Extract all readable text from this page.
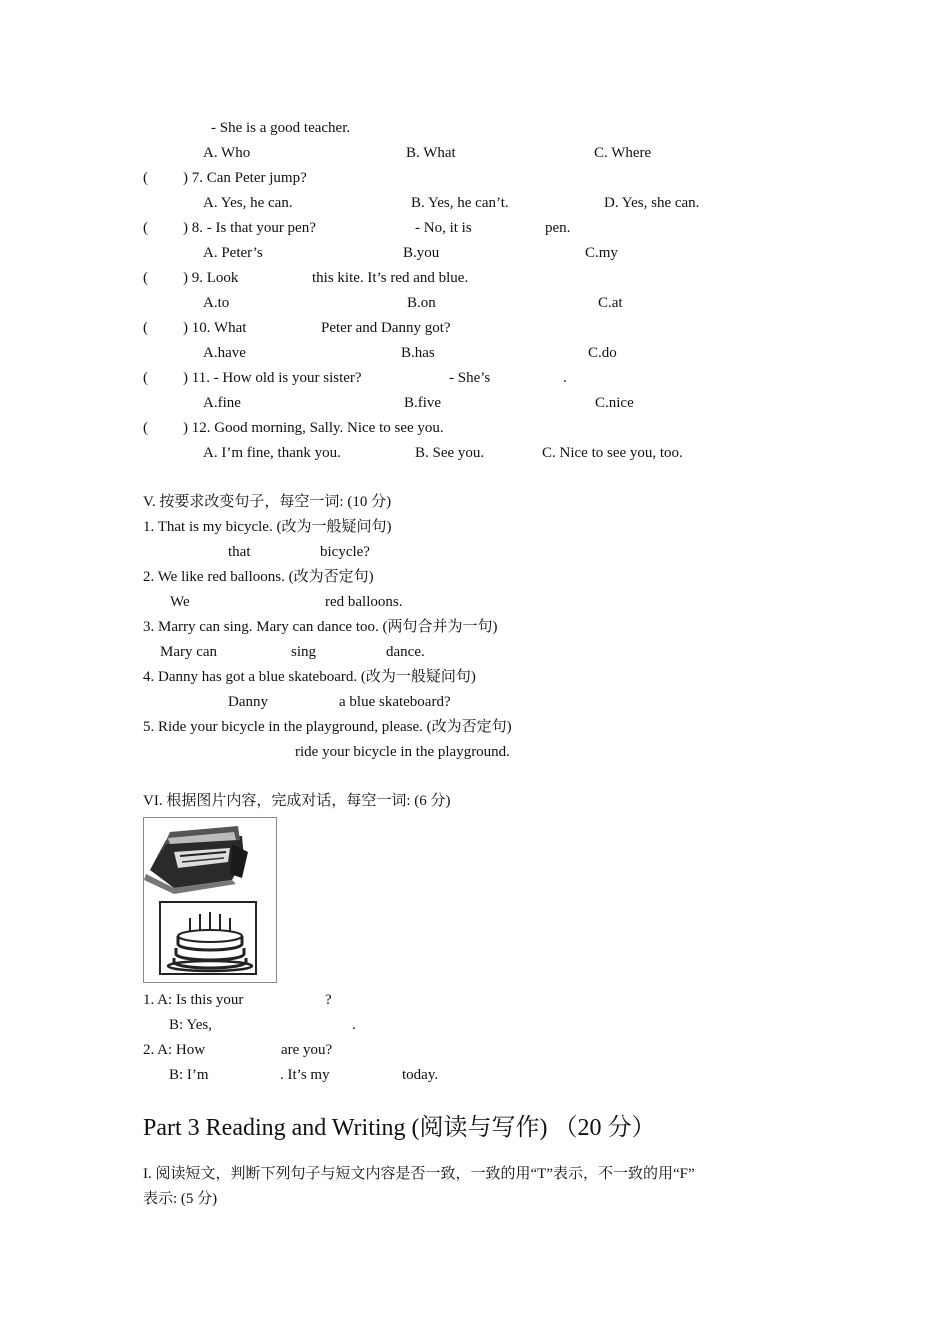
- She is a good teacher.
A. Who	B. What	C. Where
( ) 7. Can Peter jump?
A. Yes, he can.	B. Yes, he can’t.	D. Yes, she can.
( ) 8. - Is that your pen?	- No, it is	pen.
A. Peter’s	B.you	C.my
( ) 9. Look	this kite. It’s red and blue.
A.to	B.on	C.at
( ) 10. What	Peter and Danny got?
A.have	B.has	C.do
( ) 11. - How old is your sister?	- She’s	.
A.fine	B.five	C.nice
( ) 12. Good morning, Sally. Nice to see you.
A. I’m fine, thank you.	B. See you.	C. Nice to see you, too.
V. 按要求改变句子，每空一词: (10 分)
1. That is my bicycle. (改为一般疑问句)
that	bicycle?
2. We like red balloons. (改为否定句)
We	red balloons.
3. Marry can sing. Mary can dance too. (两句合并为一句)
Mary can	sing	dance.
4. Danny has got a blue skateboard. (改为一般疑问句)
Danny	a blue skateboard?
5. Ride your bicycle in the playground, please. (改为否定句)
ride your bicycle in the playground.
VI. 根据图片内容，完成对话，每空一词: (6 分)
1. A: Is this your	?
B: Yes,	.
2. A: How	are you?
B: I’m	. It’s my	today.
Part 3 Reading and Writing (阅读与写作) （20 分）
I. 阅读短文，判断下列句子与短文内容是否一致，一致的用“T”表示，不一致的用“F”
表示: (5 分)
